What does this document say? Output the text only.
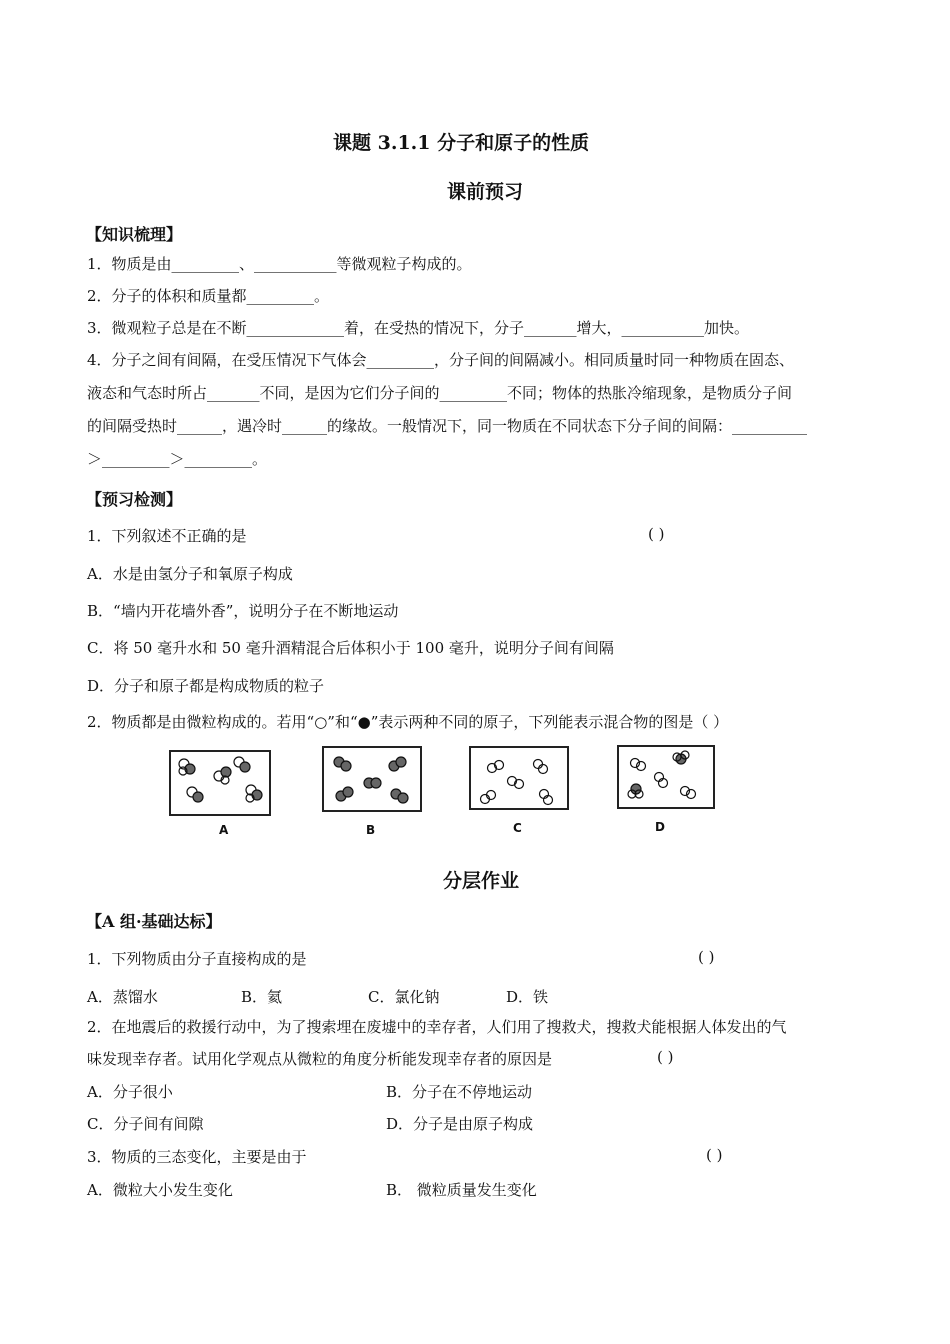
课题 3.1.1 分子和原子的性质
课前预习
【知识梳理】
1．物质是由_________、___________等微观粒子构成的。
2．分子的体积和质量都_________。
3．微观粒子总是在不断_____________着，在受热的情况下，分子_______增大，___________加快。
4．分子之间有间隔，在受压情况下气体会_________，分子间的间隔减小。相同质量时同一种物质在固态、
液态和气态时所占_______不同，是因为它们分子间的_________不同；物体的热胀冷缩现象，是物质分子间
的间隔受热时______，遇冷时______的缘故。一般情况下，同一物质在不同状态下分子间的间隔：__________
＞_________＞_________。
【预习检测】
1．下列叙述不正确的是	( )
A．水是由氢分子和氧原子构成
B．“墙内开花墙外香”，说明分子在不断地运动
C．将 50 毫升水和 50 毫升酒精混合后体积小于 100 毫升，说明分子间有间隔
D．分子和原子都是构成物质的粒子
2．物质都是由微粒构成的。若用“○”和“●”表示两种不同的原子，下列能表示混合物的图是（ ）
A	B	C	D
分层作业
【A 组·基础达标】
1．下列物质由分子直接构成的是	( )
A．蒸馏水	B．氦	C．氯化钠	D．铁
2．在地震后的救援行动中，为了搜索埋在废墟中的幸存者，人们用了搜救犬，搜救犬能根据人体发出的气
味发现幸存者。试用化学观点从微粒的角度分析能发现幸存者的原因是	( )
A．分子很小	B．分子在不停地运动
C．分子间有间隙	D．分子是由原子构成
3．物质的三态变化，主要是由于	( )
A．微粒大小发生变化	B． 微粒质量发生变化
